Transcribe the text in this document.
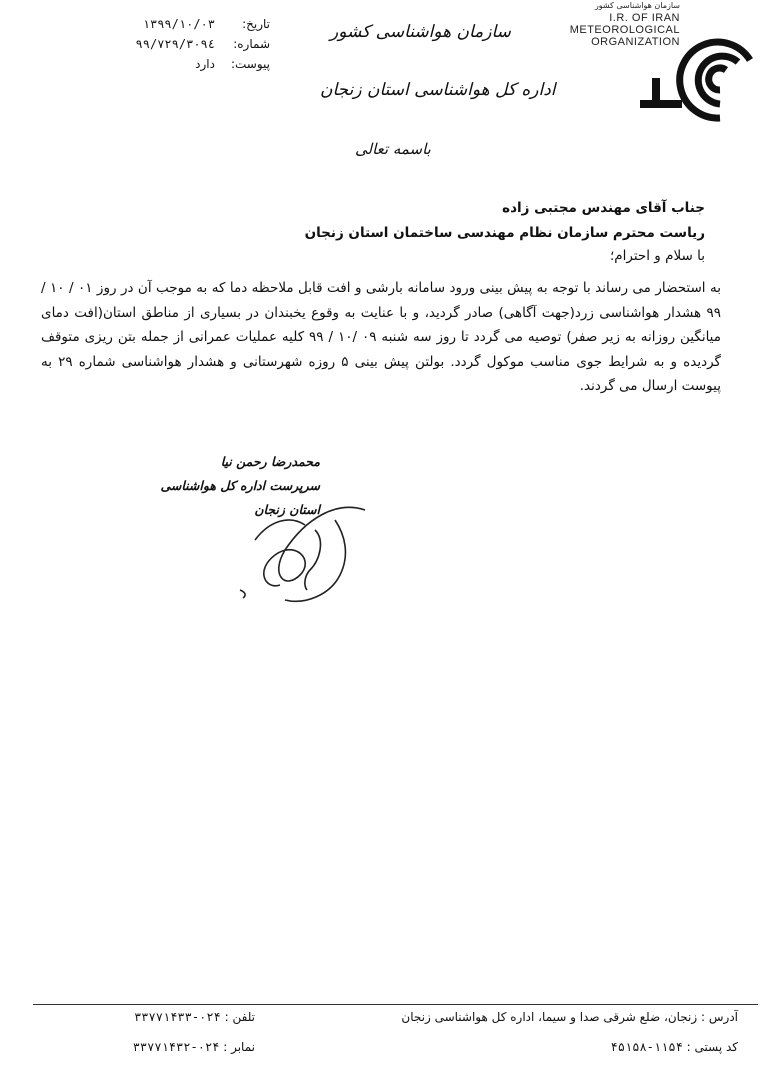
سازمان هواشناسی کشور
I.R. OF IRAN
METEOROLOGICAL
ORGANIZATION
تاریخ:
۱۳۹۹/۱۰/۰۳
شماره:
۹۹/۷۲۹/۳۰۹٤
پیوست:
دارد
سازمان هواشناسی کشور
اداره کل هواشناسی استان زنجان
باسمه تعالی
جناب آقای مهندس مجتبی زاده
ریاست محترم سازمان نظام مهندسی ساختمان استان زنجان
با سلام و احترام؛
به استحضار می رساند با توجه به پیش بینی ورود سامانه بارشی و افت قابل ملاحظه دما که به موجب آن در روز ۰۱ / ۱۰ / ۹۹ هشدار هواشناسی زرد(جهت آگاهی) صادر گردید، و با عنایت به وقوع یخبندان در بسیاری از مناطق استان(افت دمای میانگین روزانه به زیر صفر) توصیه می گردد تا روز سه شنبه ۰۹ /۱۰ / ۹۹ کلیه عملیات عمرانی از جمله بتن ریزی متوقف گردیده و به شرایط جوی مناسب موکول گردد. بولتن پیش بینی ۵ روزه شهرستانی و هشدار هواشناسی شماره ۲۹ به پیوست ارسال می گردند.
محمدرضا رحمن نیا
سرپرست اداره کل هواشناسی استان زنجان
آدرس : زنجان، ضلع شرقی صدا و سیما، اداره کل هواشناسی زنجان
کد پستی : ۱۱۵۴-۴۵۱۵۸
تلفن : ۰۲۴-۳۳۷۷۱۴۳۳
نمابر : ۰۲۴-۳۳۷۷۱۴۳۲
